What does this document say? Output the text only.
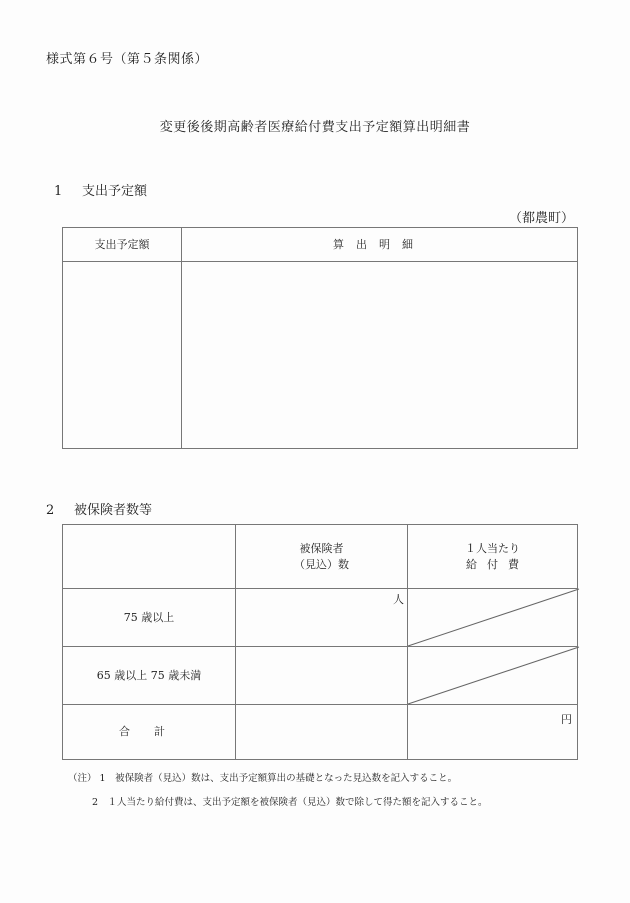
様式第６号（第５条関係）
変更後後期高齢者医療給付費支出予定額算出明細書
1 支出予定額
（都農町）
支出予定額	算出明細
2 被保険者数等
被保険者
（見込）数
１人当たり
給付費
75 歳以上
人
65 歳以上 75 歳未満
合計
円
（注） 1　被保険者（見込）数は、支出予定額算出の基礎となった見込数を記入すること。
2　１人当たり給付費は、支出予定額を被保険者（見込）数で除して得た額を記入すること。
